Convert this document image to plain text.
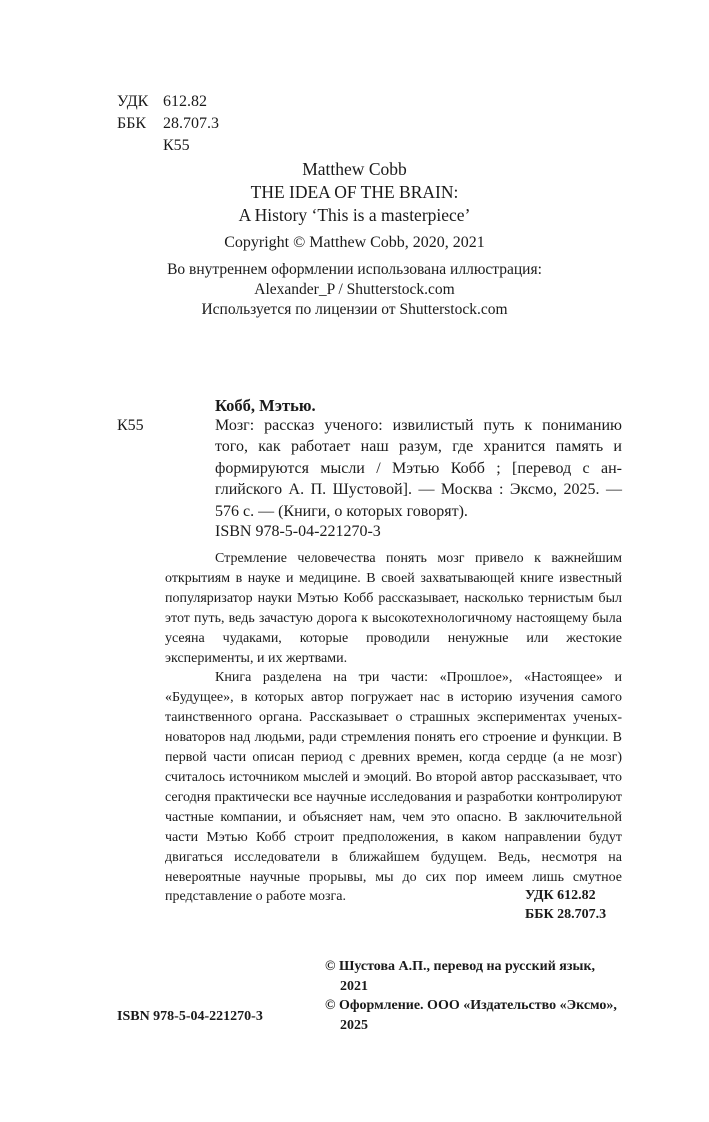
УДК 612.82
ББК	28.707.3
К55
Matthew Cobb
THE IDEA OF THE BRAIN:
A History ‘This is a masterpiece’
Copyright © Matthew Cobb, 2020, 2021
Во внутреннем оформлении использована иллюстрация:
Alexander_P / Shutterstock.com
Используется по лицензии от Shutterstock.com
Кобб, Мэтью.
К55	Мозг: рассказ ученого: извилистый путь к пониманию того, как работает наш разум, где хранится память и формируются мысли / Мэтью Кобб ; [перевод с английского А. П. Шустовой]. — Москва : Эксмо, 2025. — 576 с. — (Книги, о которых говорят).
ISBN 978-5-04-221270-3

Стремление человечества понять мозг привело к важнейшим открытиям в науке и медицине. В своей захватывающей книге известный популяризатор науки Мэтью Кобб рассказывает, насколько тернистым был этот путь, ведь зачастую дорога к высокотехнологичному настоящему была усеяна чудаками, которые проводили ненужные или жестокие эксперименты, и их жертвами.

Книга разделена на три части: «Прошлое», «Настоящее» и «Будущее», в которых автор погружает нас в историю изучения самого таинственного органа. Рассказывает о страшных экспериментах ученых-новаторов над людьми, ради стремления понять его строение и функции. В первой части описан период с древних времен, когда сердце (а не мозг) считалось источником мыслей и эмоций. Во второй автор рассказывает, что сегодня практически все научные исследования и разработки контролируют частные компании, и объясняет нам, чем это опасно. В заключительной части Мэтью Кобб строит предположения, в каком направлении будут двигаться исследователи в ближайшем будущем. Ведь, несмотря на невероятные научные прорывы, мы до сих пор имеем лишь смутное представление о работе мозга.	УДК 612.82
ББК 28.707.3
© Шустова А.П., перевод на русский язык, 2021
© Оформление. ООО «Издательство «Эксмо», 2025
ISBN 978-5-04-221270-3
